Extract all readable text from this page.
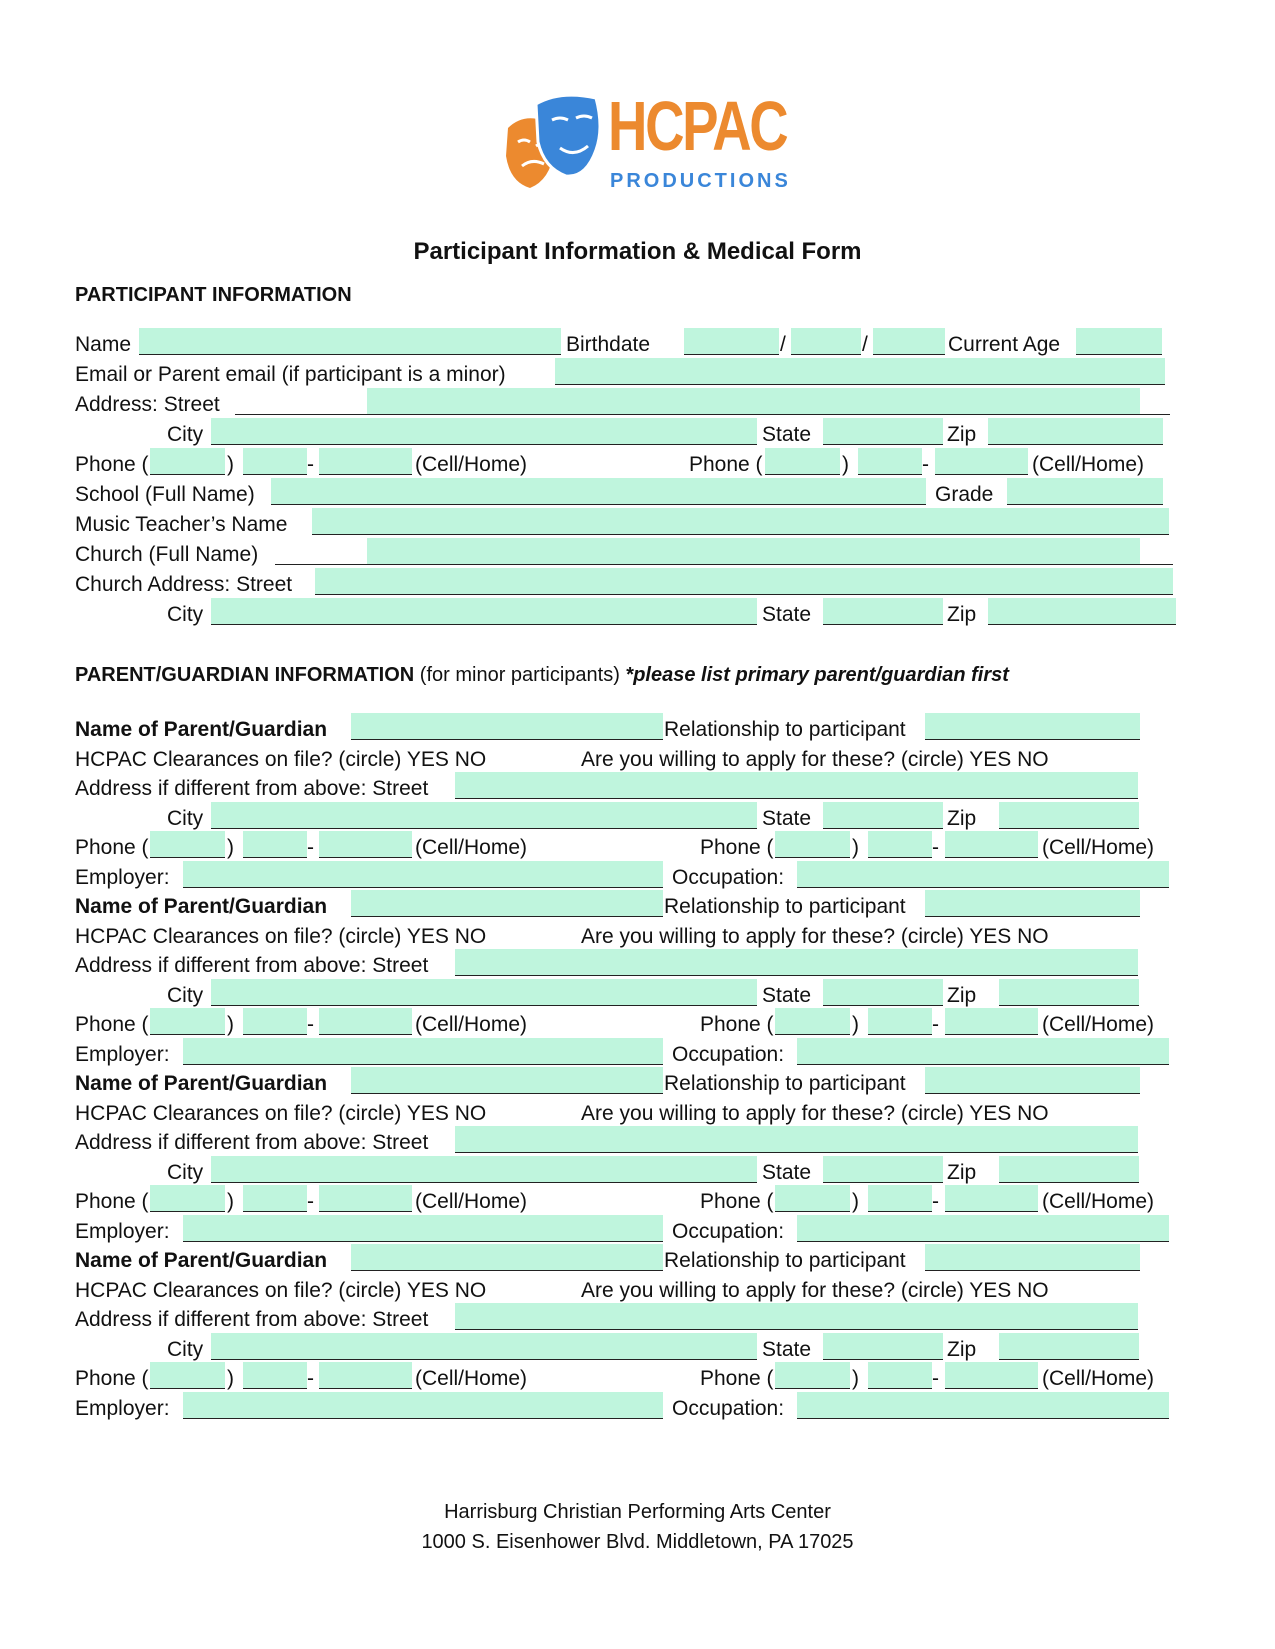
HCPAC
PRODUCTIONS
Participant Information & Medical Form
PARTICIPANT INFORMATION
Name	Birthdate	/	/	Current Age
Email or Parent email (if participant is a minor)
Address: Street
City	State	Zip
Phone (	)	-	(Cell/Home)	Phone (	)	-	(Cell/Home)
School (Full Name)	Grade
Music Teacher’s Name
Church (Full Name)
Church Address: Street
City	State	Zip
PARENT/GUARDIAN INFORMATION (for minor participants) *please list primary parent/guardian first
Name of Parent/Guardian	Relationship to participant
HCPAC Clearances on file? (circle) YES NO	Are you willing to apply for these? (circle) YES NO
Address if different from above: Street
City	State	Zip
Phone (	)	-	(Cell/Home)	Phone (	)	-	(Cell/Home)
Employer:	Occupation:
Name of Parent/Guardian	Relationship to participant
HCPAC Clearances on file? (circle) YES NO	Are you willing to apply for these? (circle) YES NO
Address if different from above: Street
City	State	Zip
Phone (	)	-	(Cell/Home)	Phone (	)	-	(Cell/Home)
Employer:	Occupation:
Name of Parent/Guardian	Relationship to participant
HCPAC Clearances on file? (circle) YES NO	Are you willing to apply for these? (circle) YES NO
Address if different from above: Street
City	State	Zip
Phone (	)	-	(Cell/Home)	Phone (	)	-	(Cell/Home)
Employer:	Occupation:
Name of Parent/Guardian	Relationship to participant
HCPAC Clearances on file? (circle) YES NO	Are you willing to apply for these? (circle) YES NO
Address if different from above: Street
City	State	Zip
Phone (	)	-	(Cell/Home)	Phone (	)	-	(Cell/Home)
Employer:	Occupation:
Harrisburg Christian Performing Arts Center
1000 S. Eisenhower Blvd. Middletown, PA 17025
